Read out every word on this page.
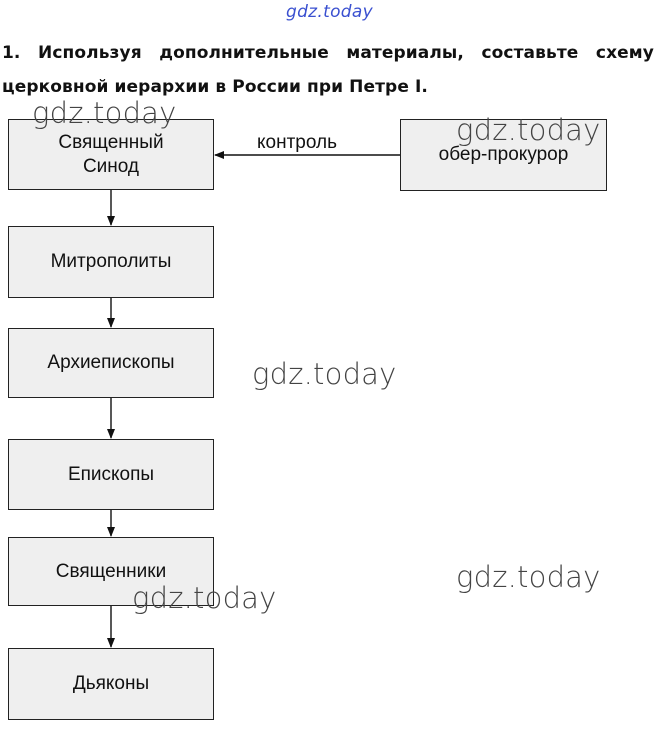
gdz.today
1. Используя дополнительные материалы, составьте схему
церковной иерархии в России при Петре I.
Священный
Синод
обер-прокурор
контроль
Митрополиты
Архиепископы
Епископы
Священники
Дьяконы
gdz.today	gdz.today
gdz.today
gdz.today
gdz.today
